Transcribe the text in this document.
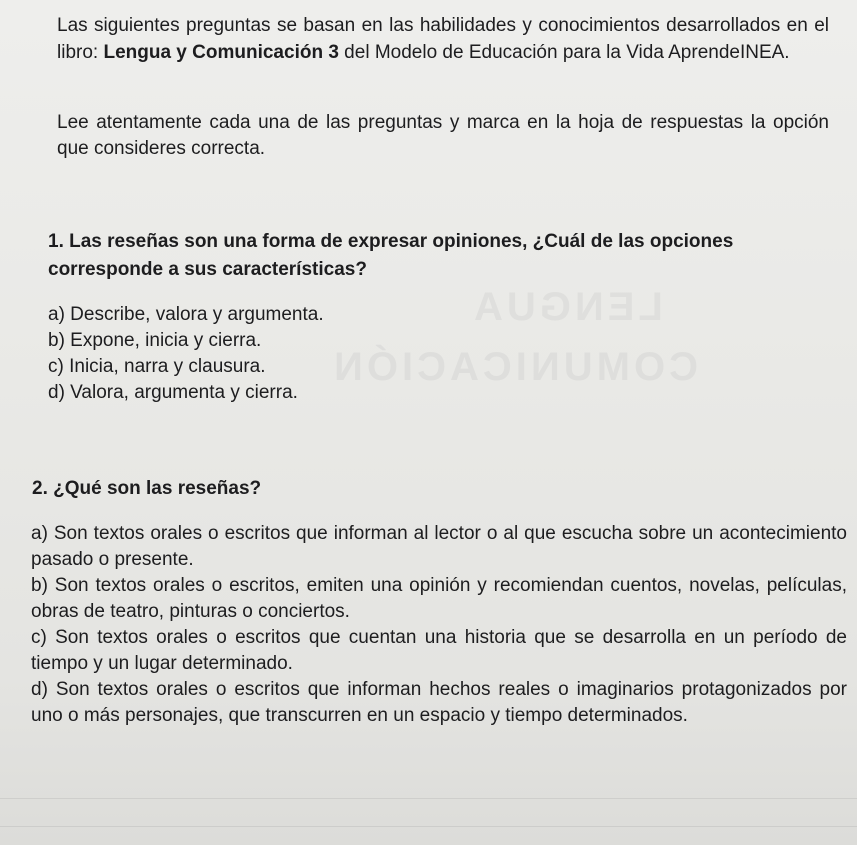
LENGUA
COMUNICACIÓN

Las siguientes preguntas se basan en las habilidades y conocimientos desarrollados en el libro: Lengua y Comunicación 3 del Modelo de Educación para la Vida AprendeINEA.

Lee atentamente cada una de las preguntas y marca en la hoja de respuestas la opción que consideres correcta.

1. Las reseñas son una forma de expresar opiniones, ¿Cuál de las opciones corresponde a sus características?

a) Describe, valora y argumenta.

b) Expone, inicia y cierra.

c) Inicia, narra y clausura.

d) Valora, argumenta y cierra.

2. ¿Qué son las reseñas?

a) Son textos orales o escritos que informan al lector o al que escucha sobre un acontecimiento pasado o presente.

b) Son textos orales o escritos, emiten una opinión y recomiendan cuentos, novelas, películas, obras de teatro, pinturas o conciertos.

c) Son textos orales o escritos que cuentan una historia que se desarrolla en un período de tiempo y un lugar determinado.

d) Son textos orales o escritos que informan hechos reales o imaginarios protagonizados por uno o más personajes, que transcurren en un espacio y tiempo determinados.
